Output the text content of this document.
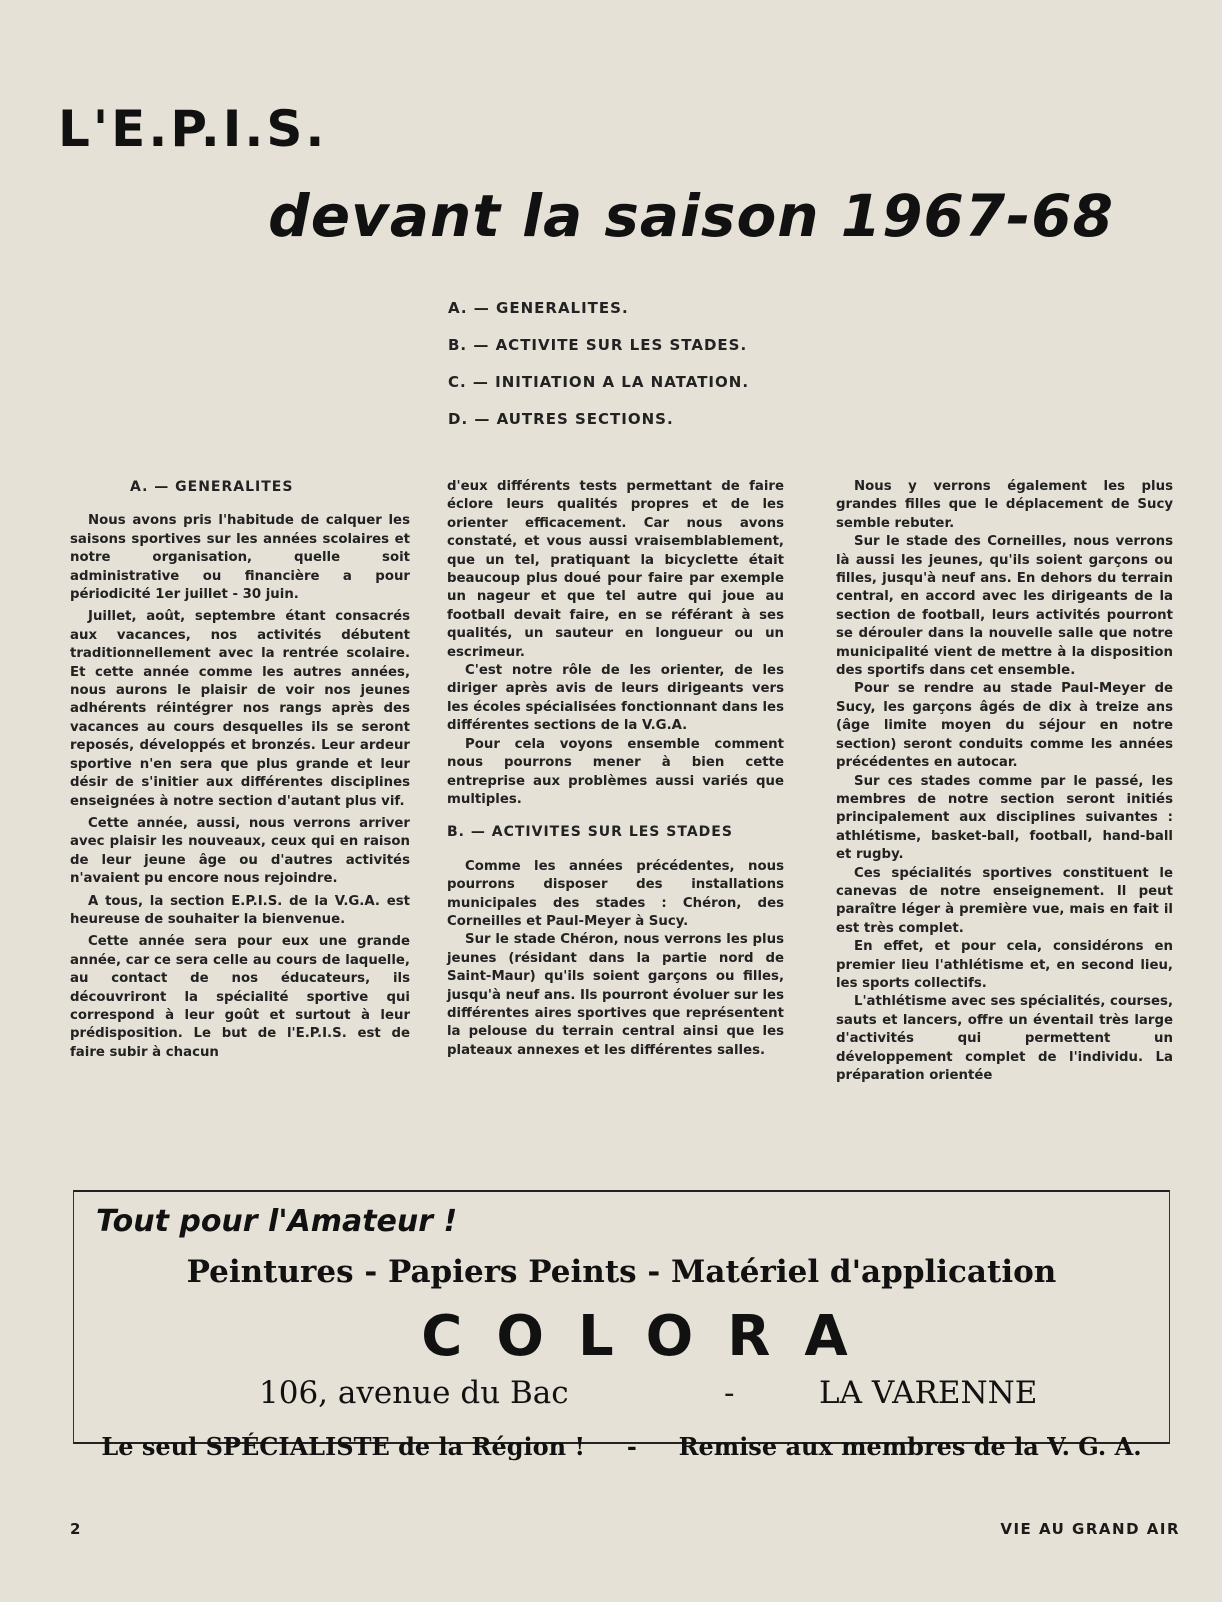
L'E.P.I.S.
devant la saison 1967-68
A. — GENERALITES.
B. — ACTIVITE SUR LES STADES.
C. — INITIATION A LA NATATION.
D. — AUTRES SECTIONS.
A. — GENERALITES

Nous avons pris l'habitude de calquer les saisons sportives sur les années scolaires et notre organisation, quelle soit administrative ou financière a pour périodicité 1er juillet - 30 juin.

Juillet, août, septembre étant consacrés aux vacances, nos activités débutent traditionnellement avec la rentrée scolaire. Et cette année comme les autres années, nous aurons le plaisir de voir nos jeunes adhérents réintégrer nos rangs après des vacances au cours desquelles ils se seront reposés, développés et bronzés. Leur ardeur sportive n'en sera que plus grande et leur désir de s'initier aux différentes disciplines enseignées à notre section d'autant plus vif.

Cette année, aussi, nous verrons arriver avec plaisir les nouveaux, ceux qui en raison de leur jeune âge ou d'autres activités n'avaient pu encore nous rejoindre.

A tous, la section E.P.I.S. de la V.G.A. est heureuse de souhaiter la bienvenue.

Cette année sera pour eux une grande année, car ce sera celle au cours de laquelle, au contact de nos éducateurs, ils découvriront la spécialité sportive qui correspond à leur goût et surtout à leur prédisposition. Le but de l'E.P.I.S. est de faire subir à chacun

d'eux différents tests permettant de faire éclore leurs qualités propres et de les orienter efficacement. Car nous avons constaté, et vous aussi vraisemblablement, que un tel, pratiquant la bicyclette était beaucoup plus doué pour faire par exemple un nageur et que tel autre qui joue au football devait faire, en se référant à ses qualités, un sauteur en longueur ou un escrimeur.

C'est notre rôle de les orienter, de les diriger après avis de leurs dirigeants vers les écoles spécialisées fonctionnant dans les différentes sections de la V.G.A.

Pour cela voyons ensemble comment nous pourrons mener à bien cette entreprise aux problèmes aussi variés que multiples.

B. — ACTIVITES SUR LES STADES

Comme les années précédentes, nous pourrons disposer des installations municipales des stades : Chéron, des Corneilles et Paul-Meyer à Sucy.

Sur le stade Chéron, nous verrons les plus jeunes (résidant dans la partie nord de Saint-Maur) qu'ils soient garçons ou filles, jusqu'à neuf ans. Ils pourront évoluer sur les différentes aires sportives que représentent la pelouse du terrain central ainsi que les plateaux annexes et les différentes salles.

Nous y verrons également les plus grandes filles que le déplacement de Sucy semble rebuter.

Sur le stade des Corneilles, nous verrons là aussi les jeunes, qu'ils soient garçons ou filles, jusqu'à neuf ans. En dehors du terrain central, en accord avec les dirigeants de la section de football, leurs activités pourront se dérouler dans la nouvelle salle que notre municipalité vient de mettre à la disposition des sportifs dans cet ensemble.

Pour se rendre au stade Paul-Meyer de Sucy, les garçons âgés de dix à treize ans (âge limite moyen du séjour en notre section) seront conduits comme les années précédentes en autocar.

Sur ces stades comme par le passé, les membres de notre section seront initiés principalement aux disciplines suivantes : athlétisme, basket-ball, football, hand-ball et rugby.

Ces spécialités sportives constituent le canevas de notre enseignement. Il peut paraître léger à première vue, mais en fait il est très complet.

En effet, et pour cela, considérons en premier lieu l'athlétisme et, en second lieu, les sports collectifs.

L'athlétisme avec ses spécialités, courses, sauts et lancers, offre un éventail très large d'activités qui permettent un développement complet de l'individu. La préparation orientée

Tout pour l'Amateur !
Peintures - Papiers Peints - Matériel d'application
COLORA
106, avenue du Bac	-	LA VARENNE
Le seul SPÉCIALISTE de la Région ! - Remise aux membres de la V. G. A.
2	VIE AU GRAND AIR
